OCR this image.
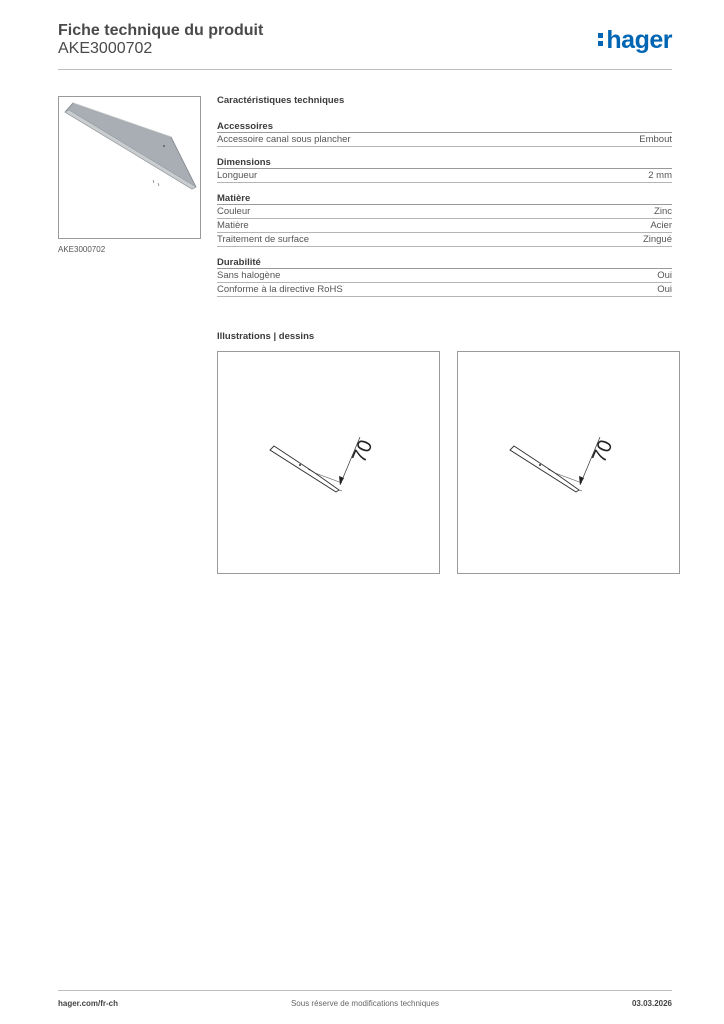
Fiche technique du produit
AKE3000702	hager
AKE3000702
Caractéristiques techniques
Accessoires
Accessoire canal sous plancher	Embout
Dimensions
Longueur	2 mm
Matière
Couleur	Zinc
Matière	Acier
Traitement de surface	Zingué
Durabilité
Sans halogène	Oui
Conforme à la directive RoHS	Oui
Illustrations | dessins
70	70
hager.com/fr-ch	Sous réserve de modifications techniques	03.03.2026
